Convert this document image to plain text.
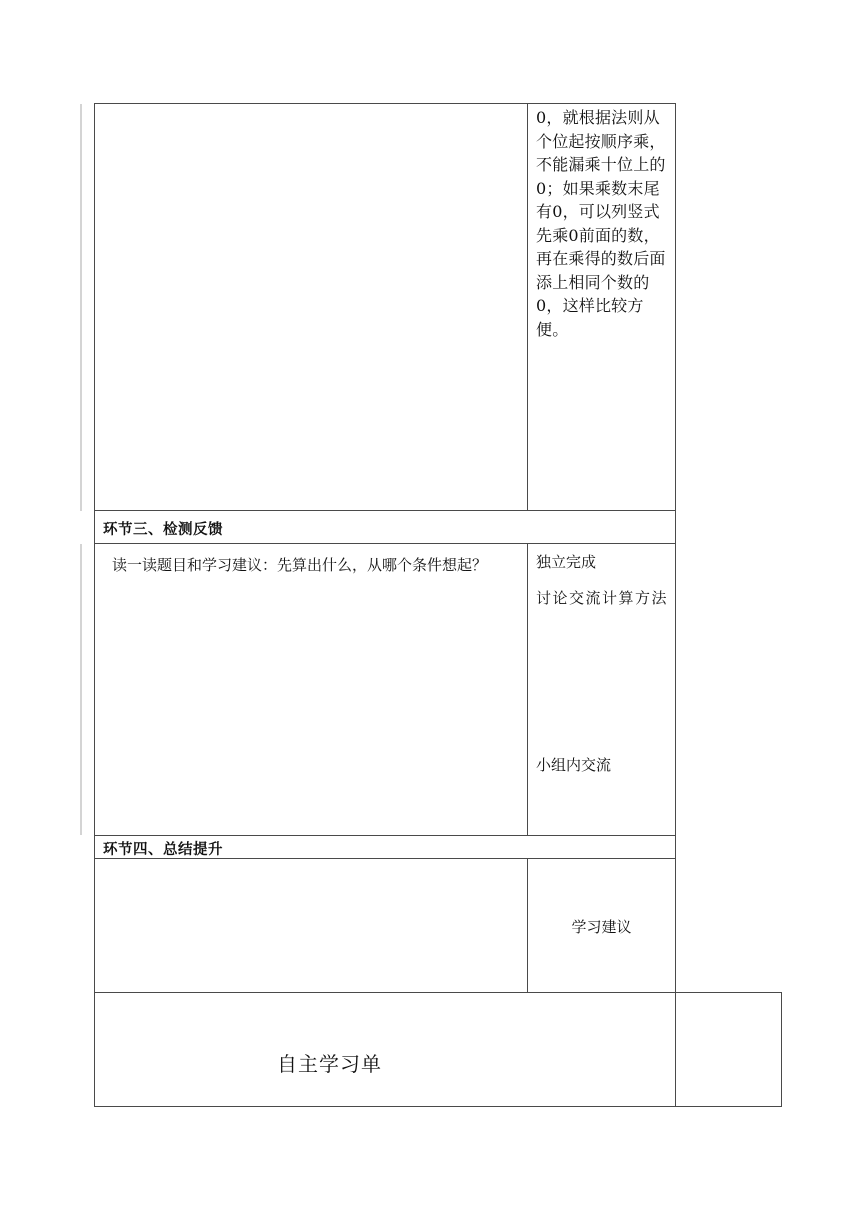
0，就根据法则从个位起按顺序乘，不能漏乘十位上的0；如果乘数末尾有0，可以列竖式先乘0前面的数，再在乘得的数后面添上相同个数的0，这样比较方便。
环节三、检测反馈
读一读题目和学习建议：先算出什么，从哪个条件想起？	独立完成
讨论交流计算方法
小组内交流
环节四、总结提升
学习建议
自主学习单
